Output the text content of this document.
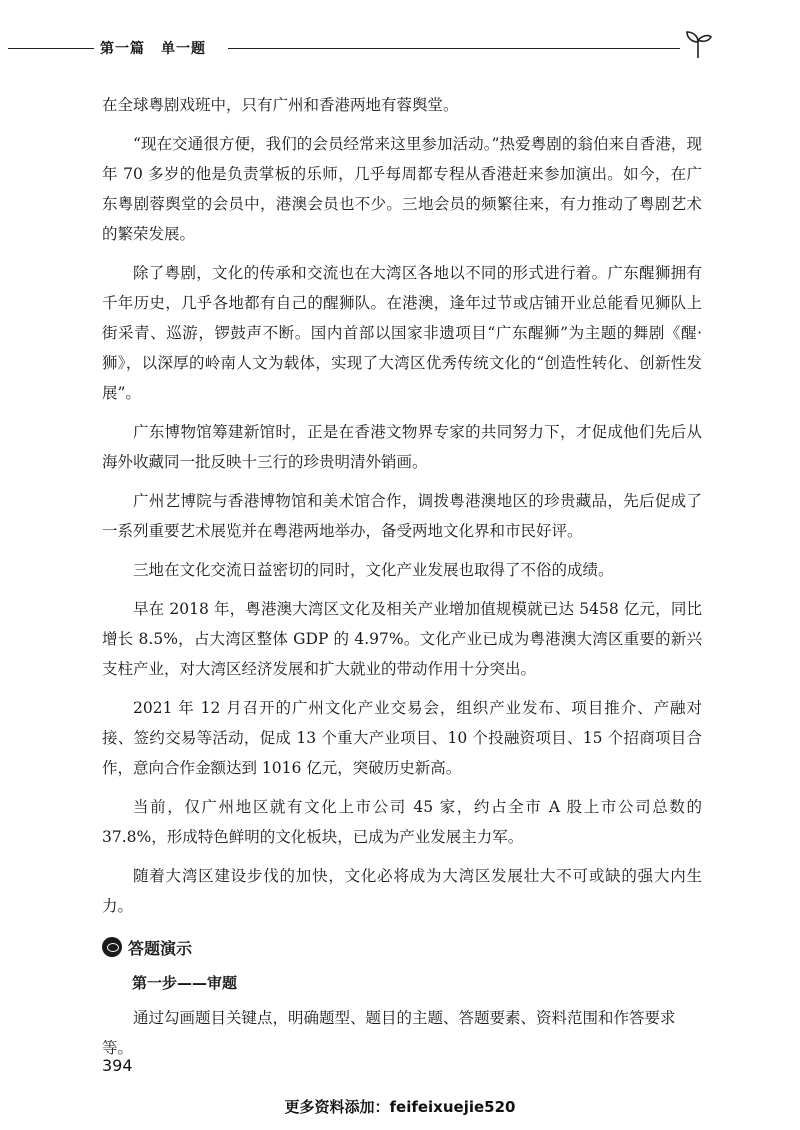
第一篇 单一题

在全球粤剧戏班中，只有广州和香港两地有蓉舆堂。

“现在交通很方便，我们的会员经常来这里参加活动。”热爱粤剧的翁伯来自香港，现年 70 多岁的他是负责掌板的乐师，几乎每周都专程从香港赶来参加演出。如今，在广东粤剧蓉舆堂的会员中，港澳会员也不少。三地会员的频繁往来，有力推动了粤剧艺术的繁荣发展。

除了粤剧，文化的传承和交流也在大湾区各地以不同的形式进行着。广东醒狮拥有千年历史，几乎各地都有自己的醒狮队。在港澳，逢年过节或店铺开业总能看见狮队上街采青、巡游，锣鼓声不断。国内首部以国家非遗项目“广东醒狮”为主题的舞剧《醒·狮》，以深厚的岭南人文为载体，实现了大湾区优秀传统文化的“创造性转化、创新性发展”。

广东博物馆筹建新馆时，正是在香港文物界专家的共同努力下，才促成他们先后从海外收藏同一批反映十三行的珍贵明清外销画。

广州艺博院与香港博物馆和美术馆合作，调拨粤港澳地区的珍贵藏品，先后促成了一系列重要艺术展览并在粤港两地举办，备受两地文化界和市民好评。

三地在文化交流日益密切的同时，文化产业发展也取得了不俗的成绩。

早在 2018 年，粤港澳大湾区文化及相关产业增加值规模就已达 5458 亿元，同比增长 8.5%，占大湾区整体 GDP 的 4.97%。文化产业已成为粤港澳大湾区重要的新兴支柱产业，对大湾区经济发展和扩大就业的带动作用十分突出。

2021 年 12 月召开的广州文化产业交易会，组织产业发布、项目推介、产融对接、签约交易等活动，促成 13 个重大产业项目、10 个投融资项目、15 个招商项目合作，意向合作金额达到 1016 亿元，突破历史新高。

当前，仅广州地区就有文化上市公司 45 家，约占全市 A 股上市公司总数的 37.8%，形成特色鲜明的文化板块，已成为产业发展主力军。

随着大湾区建设步伐的加快，文化必将成为大湾区发展壮大不可或缺的强大内生力。

答题演示
第一步——审题
通过勾画题目关键点，明确题型、题目的主题、答题要素、资料范围和作答要求等。
394
更多资料添加：feifeixuejie520
